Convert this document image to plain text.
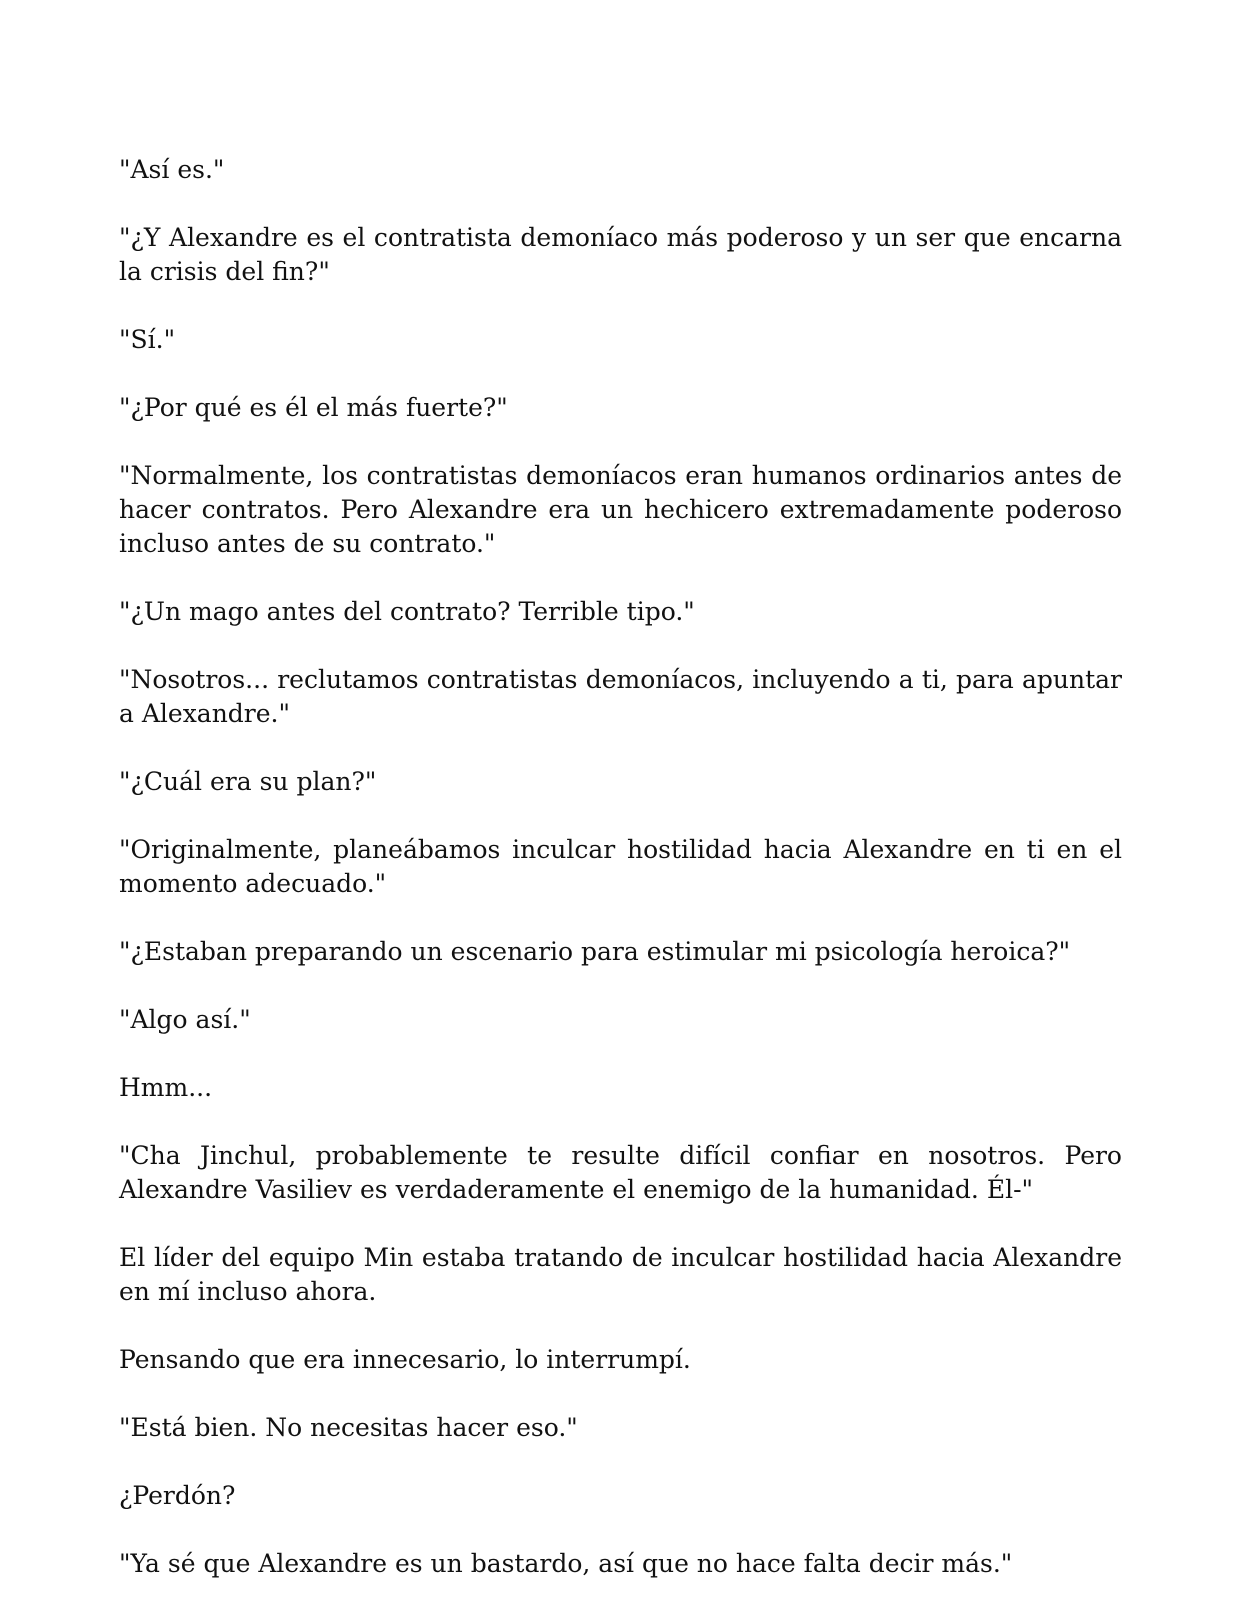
"Así es."

"¿Y Alexandre es el contratista demoníaco más poderoso y un ser que encarna la crisis del fin?"

"Sí."

"¿Por qué es él el más fuerte?"

"Normalmente, los contratistas demoníacos eran humanos ordinarios antes de hacer contratos. Pero Alexandre era un hechicero extremadamente poderoso incluso antes de su contrato."

"¿Un mago antes del contrato? Terrible tipo."

"Nosotros... reclutamos contratistas demoníacos, incluyendo a ti, para apuntar a Alexandre."

"¿Cuál era su plan?"

"Originalmente, planeábamos inculcar hostilidad hacia Alexandre en ti en el momento adecuado."

"¿Estaban preparando un escenario para estimular mi psicología heroica?"

"Algo así."

Hmm...

"Cha Jinchul, probablemente te resulte difícil confiar en nosotros. Pero Alexandre Vasiliev es verdaderamente el enemigo de la humanidad. Él-"

El líder del equipo Min estaba tratando de inculcar hostilidad hacia Alexandre en mí incluso ahora.

Pensando que era innecesario, lo interrumpí.

"Está bien. No necesitas hacer eso."

¿Perdón?

"Ya sé que Alexandre es un bastardo, así que no hace falta decir más."
